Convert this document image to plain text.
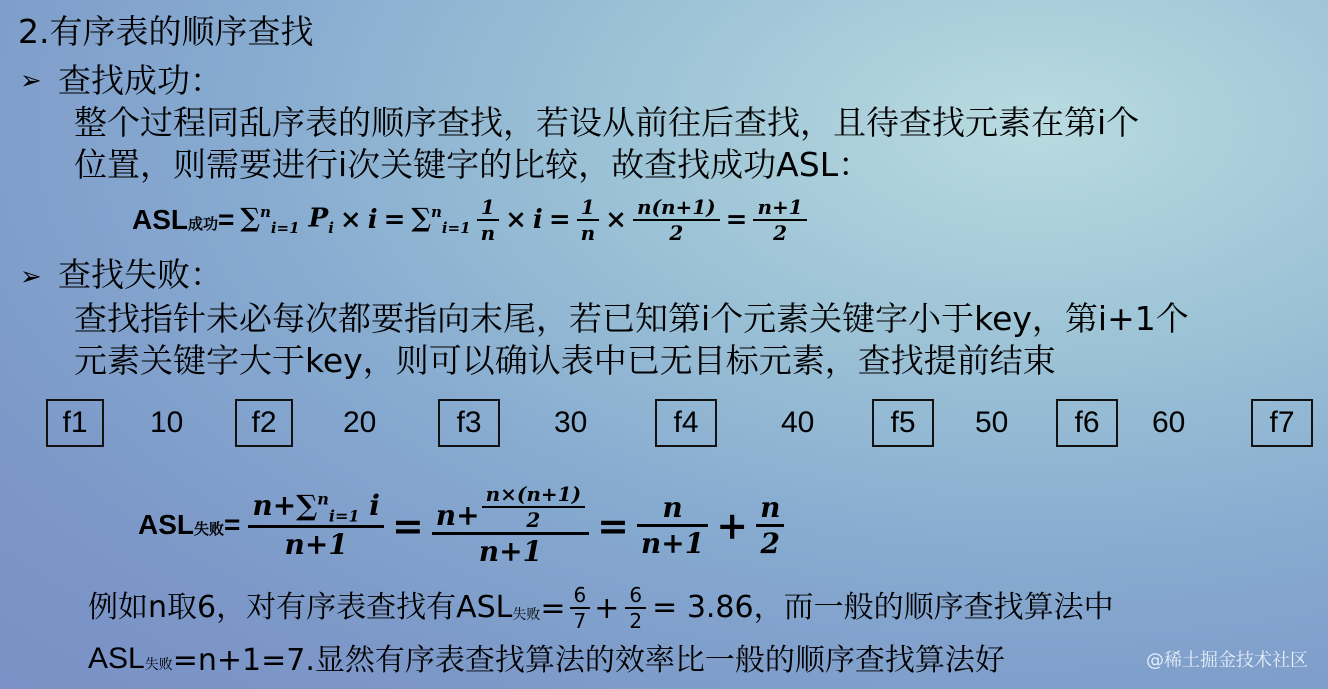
2.有序表的顺序查找
➢ 查找成功：
整个过程同乱序表的顺序查找，若设从前往后查找，且待查找元素在第i个
位置，则需要进行i次关键字的比较，故查找成功ASL：
ASL成功= ∑$^n_{i=1}$ $P_i \times i = \sum^n_{i=1} \frac{1}{n} \times i = \frac{1}{n} \times \frac{n(n+1)}{2} = \frac{n+1}{2}$
➢ 查找失败：
查找指针未必每次都要指向末尾，若已知第i个元素关键字小于key，第i+1个
元素关键字大于key，则可以确认表中已无目标元素，查找提前结束
f1	10	f2	20	f3	30	f4	40	f5	50	f6	60	f7
ASL失败= $\frac{n+\sum^n_{i=1} i}{n+1} = \frac{n+ \frac{n\times(n+1)}{2}}{n+1} = \frac{n}{n+1} + \frac{n}{2}$
例如n取6，对有序表查找有ASL 失败 = $\frac{6}{7} + \frac{6}{2} = 3.86$，而一般的顺序查找算法中
ASL 失败 =n+1=7.显然有序表查找算法的效率比一般的顺序查找算法好	@稀土掘金技术社区
